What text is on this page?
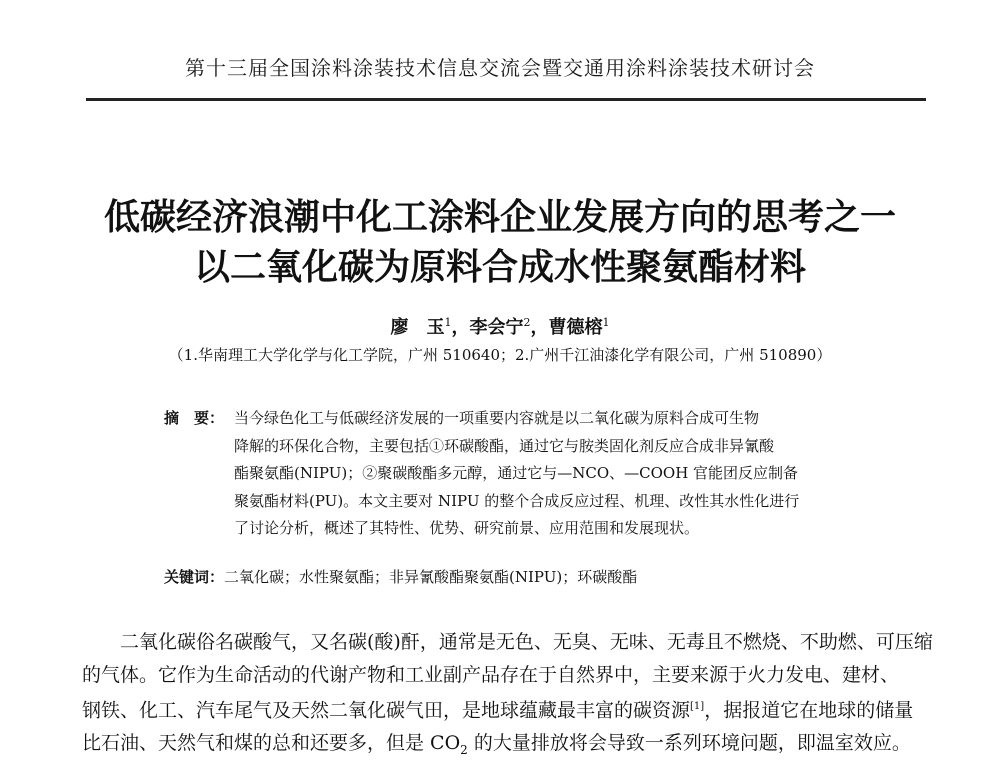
第十三届全国涂料涂装技术信息交流会暨交通用涂料涂装技术研讨会
低碳经济浪潮中化工涂料企业发展方向的思考之一
以二氧化碳为原料合成水性聚氨酯材料
廖　玉$^1$，李会宁$^2$，曹德榕$^1$
（1.华南理工大学化学与化工学院，广州 510640；2.广州千江油漆化学有限公司，广州 510890）
摘　要： 当今绿色化工与低碳经济发展的一项重要内容就是以二氧化碳为原料合成可生物
降解的环保化合物，主要包括①环碳酸酯，通过它与胺类固化剂反应合成非异氰酸
酯聚氨酯(NIPU)；②聚碳酸酯多元醇，通过它与—NCO、—COOH 官能团反应制备
聚氨酯材料(PU)。本文主要对 NIPU 的整个合成反应过程、机理、改性其水性化进行
了讨论分析，概述了其特性、优势、研究前景、应用范围和发展现状。
关键词：二氧化碳；水性聚氨酯；非异氰酸酯聚氨酯(NIPU)；环碳酸酯
二氧化碳俗名碳酸气，又名碳(酸)酐，通常是无色、无臭、无味、无毒且不燃烧、不助燃、可压缩
的气体。它作为生命活动的代谢产物和工业副产品存在于自然界中，主要来源于火力发电、建材、
钢铁、化工、汽车尾气及天然二氧化碳气田，是地球蕴藏最丰富的碳资源[1]，据报道它在地球的储量
比石油、天然气和煤的总和还要多，但是 $CO_2$ 的大量排放将会导致一系列环境问题，即温室效应。
